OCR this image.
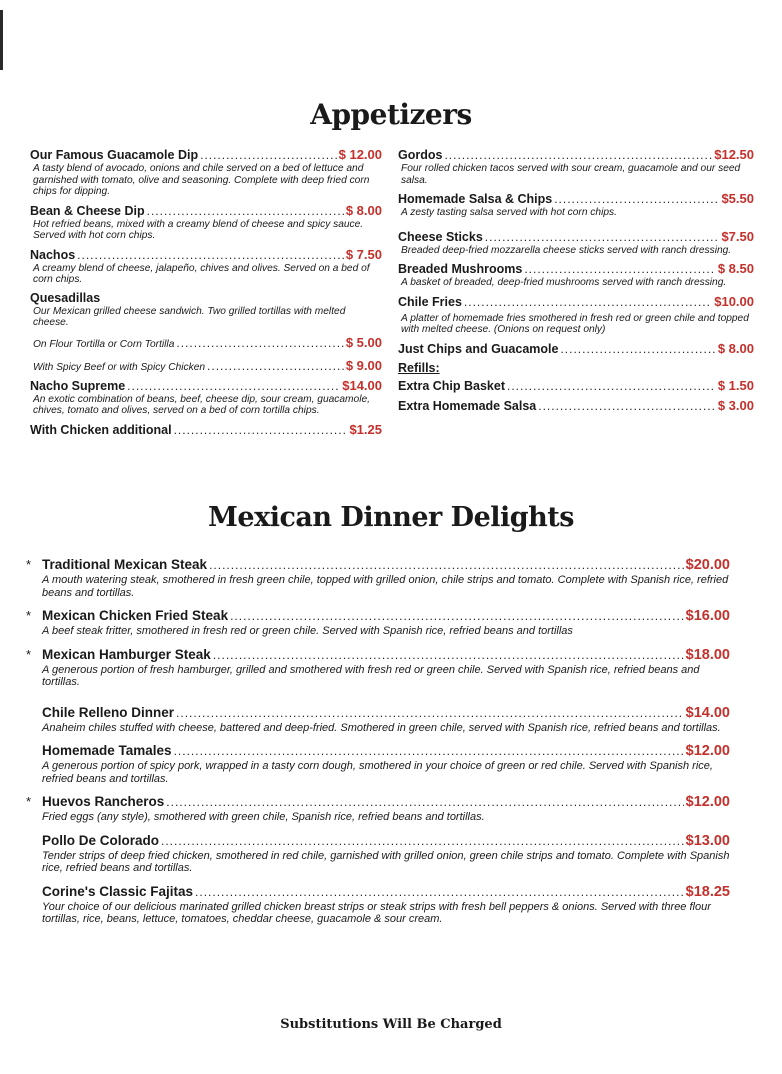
Appetizers
Our Famous Guacamole Dip .....	$ 12.00
A tasty blend of avocado, onions and chile served on a bed of lettuce and garnished with tomato, olive and seasoning. Complete with deep fried corn chips for dipping.
Bean & Cheese Dip .....	$ 8.00
Hot refried beans, mixed with a creamy blend of cheese and spicy sauce. Served with hot corn chips.
Nachos .....	$ 7.50
A creamy blend of cheese, jalapeño, chives and olives. Served on a bed of corn chips.
Quesadillas
Our Mexican grilled cheese sandwich. Two grilled tortillas with melted cheese.
On Flour Tortilla or Corn Tortilla .....	$ 5.00
With Spicy Beef or with Spicy Chicken .....	$ 9.00
Nacho Supreme .....	$14.00
An exotic combination of beans, beef, cheese dip, sour cream, guacamole, chives, tomato and olives, served on a bed of corn tortilla chips.
With Chicken additional .....	$1.25
Gordos .....	$12.50
Four rolled chicken tacos served with sour cream, guacamole and our seed salsa.
Homemade Salsa & Chips .....	$5.50
A zesty tasting salsa served with hot corn chips.
Cheese Sticks .....	$7.50
Breaded deep-fried mozzarella cheese sticks served with ranch dressing.
Breaded Mushrooms .....	$ 8.50
A basket of breaded, deep-fried mushrooms served with ranch dressing.
Chile Fries .....	$10.00
A platter of homemade fries smothered in fresh red or green chile and topped with melted cheese. (Onions on request only)
Just Chips and Guacamole .....	$ 8.00
Refills:
Extra Chip Basket .....	$ 1.50
Extra Homemade Salsa .....	$ 3.00
Mexican Dinner Delights
* Traditional Mexican Steak .....	$20.00
A mouth watering steak, smothered in fresh green chile, topped with grilled onion, chile strips and tomato. Complete with Spanish rice, refried beans and tortillas.
* Mexican Chicken Fried Steak .....	$16.00
A beef steak fritter, smothered in fresh red or green chile. Served with Spanish rice, refried beans and tortillas
* Mexican Hamburger Steak .....	$18.00
A generous portion of fresh hamburger, grilled and smothered with fresh red or green chile. Served with Spanish rice, refried beans and tortillas.
Chile Relleno Dinner .....	$14.00
Anaheim chiles stuffed with cheese, battered and deep-fried. Smothered in green chile, served with Spanish rice, refried beans and tortillas.
Homemade Tamales .....	$12.00
A generous portion of spicy pork, wrapped in a tasty corn dough, smothered in your choice of green or red chile. Served with Spanish rice, refried beans and tortillas.
* Huevos Rancheros .....	$12.00
Fried eggs (any style), smothered with green chile, Spanish rice, refried beans and tortillas.
Pollo De Colorado .....	$13.00
Tender strips of deep fried chicken, smothered in red chile, garnished with grilled onion, green chile strips and tomato. Complete with Spanish rice, refried beans and tortillas.
Corine's Classic Fajitas .....	$18.25
Your choice of our delicious marinated grilled chicken breast strips or steak strips with fresh bell peppers & onions. Served with three flour tortillas, rice, beans, lettuce, tomatoes, cheddar cheese, guacamole & sour cream.
Substitutions Will Be Charged
